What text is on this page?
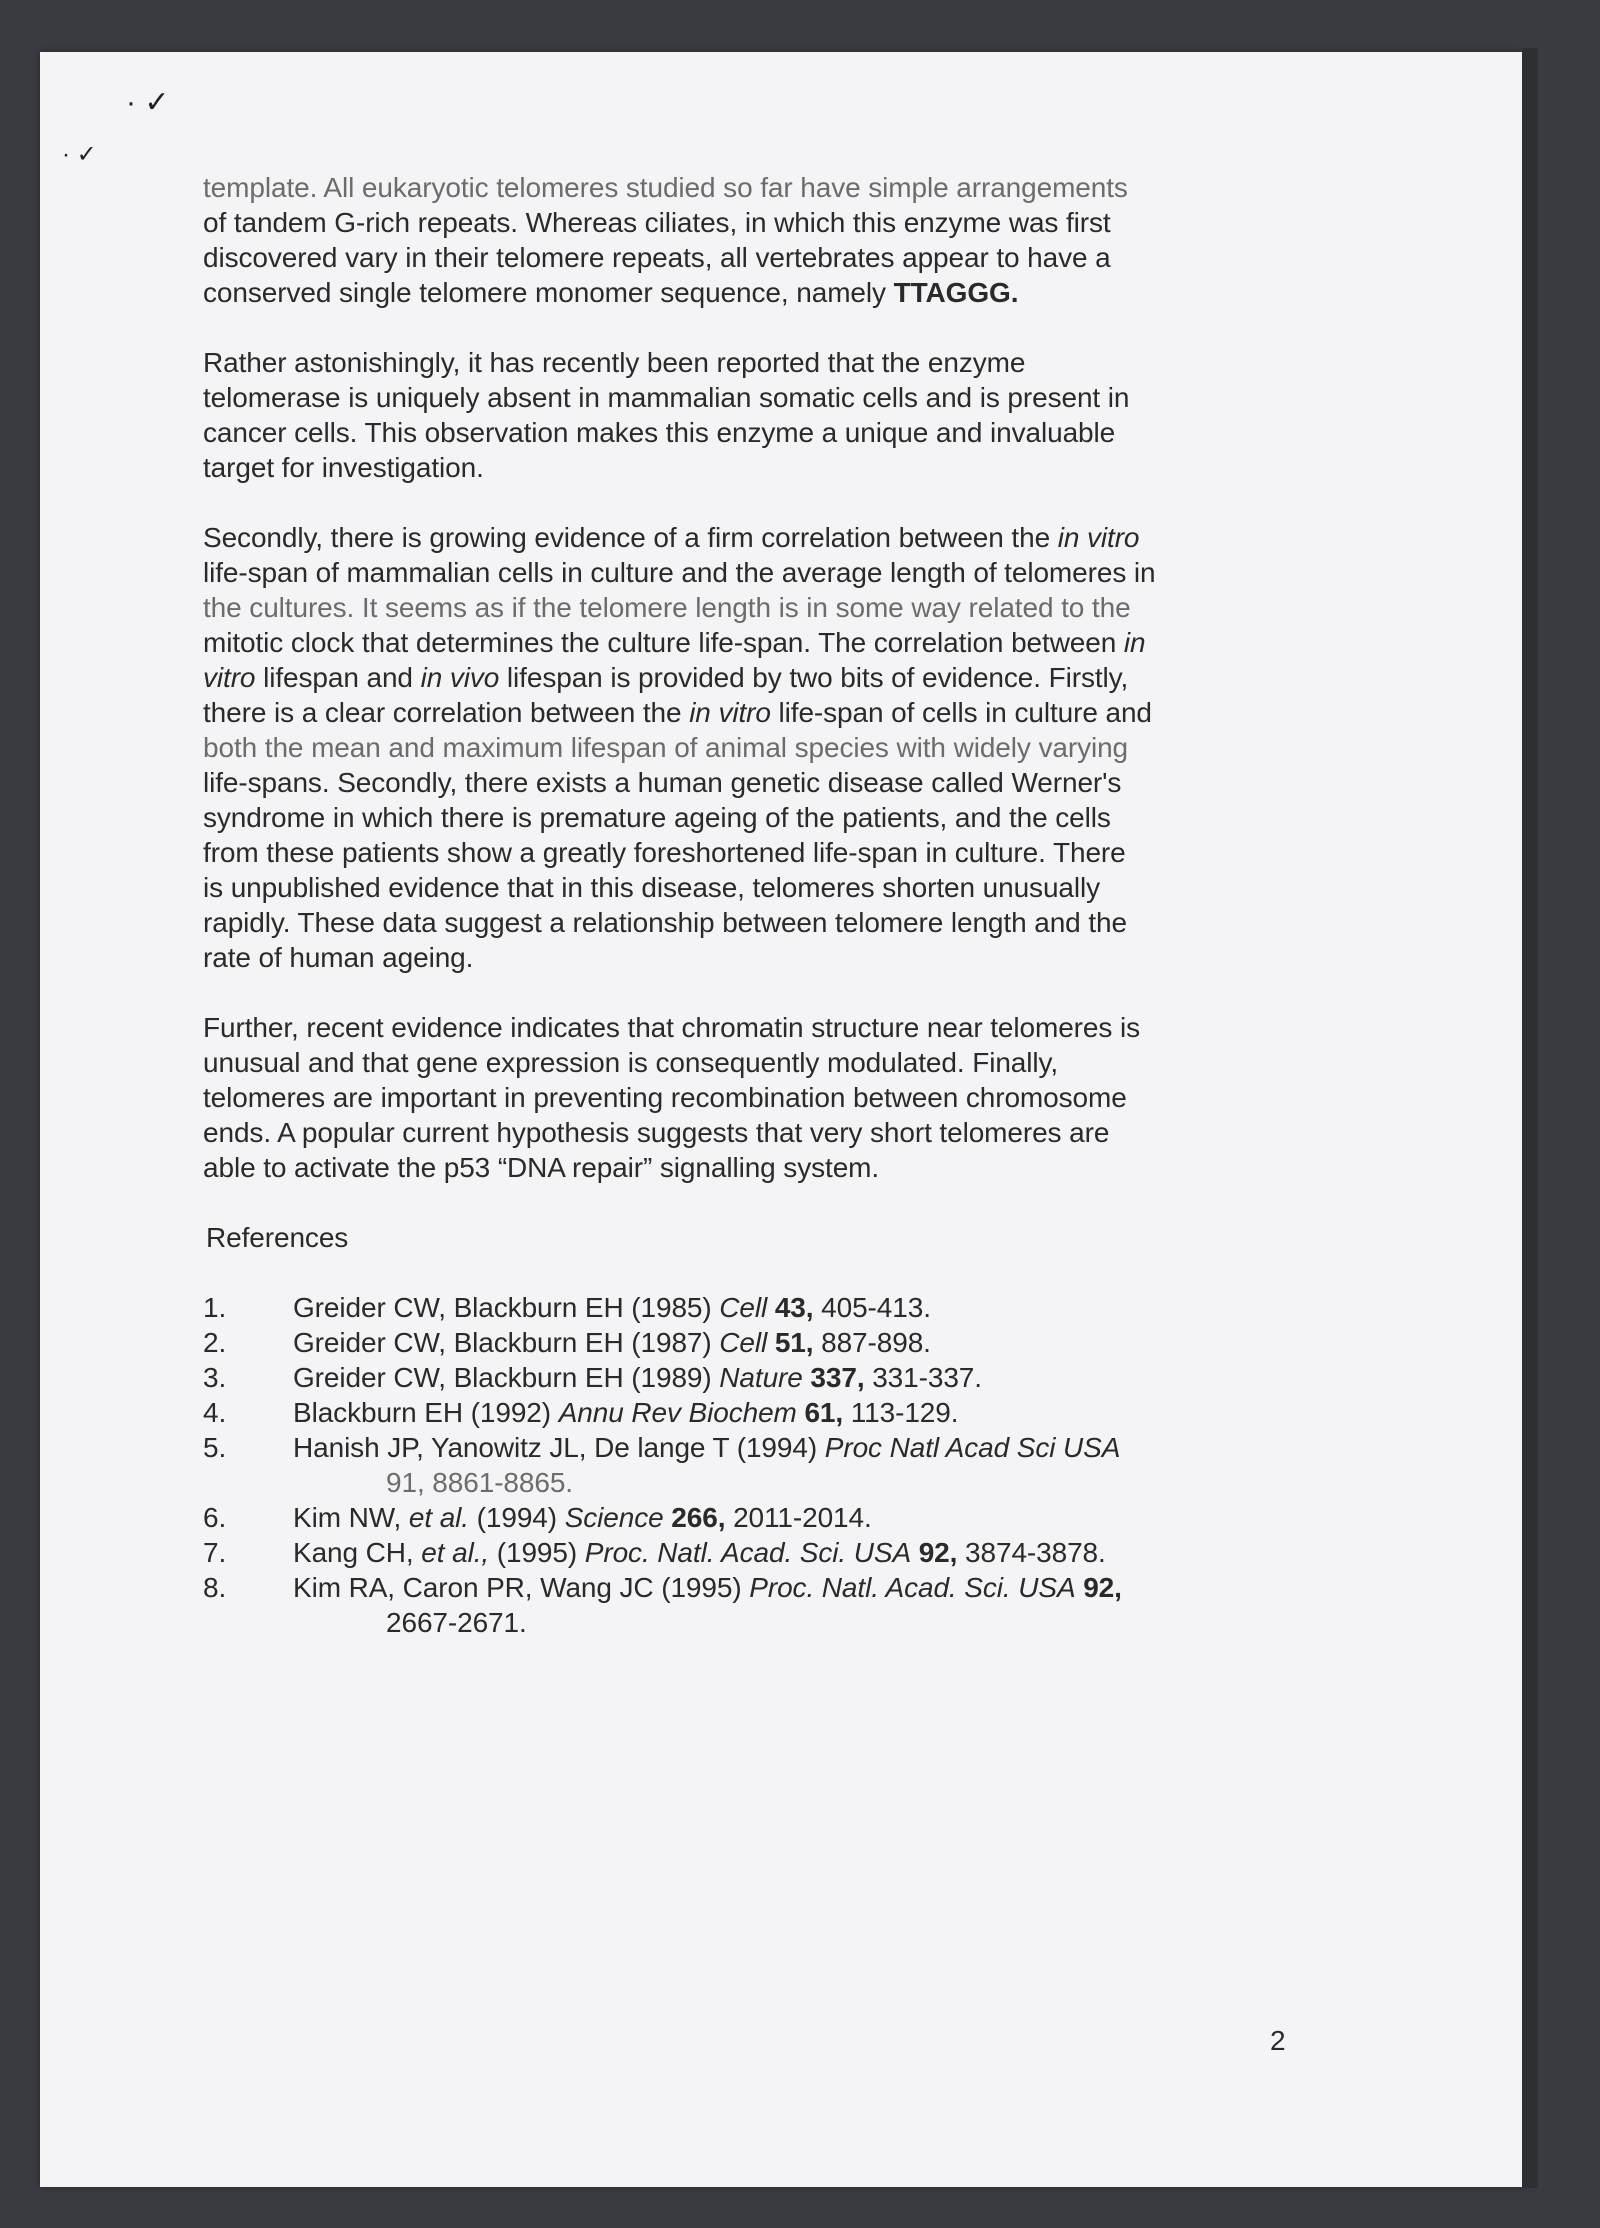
· ✓
· ✓
template. All eukaryotic telomeres studied so far have simple arrangements
of tandem G-rich repeats. Whereas ciliates, in which this enzyme was first
discovered vary in their telomere repeats, all vertebrates appear to have a
conserved single telomere monomer sequence, namely TTAGGG.
Rather astonishingly, it has recently been reported that the enzyme
telomerase is uniquely absent in mammalian somatic cells and is present in
cancer cells. This observation makes this enzyme a unique and invaluable
target for investigation.
Secondly, there is growing evidence of a firm correlation between the in vitro
life-span of mammalian cells in culture and the average length of telomeres in
the cultures. It seems as if the telomere length is in some way related to the
mitotic clock that determines the culture life-span. The correlation between in
vitro lifespan and in vivo lifespan is provided by two bits of evidence. Firstly,
there is a clear correlation between the in vitro life-span of cells in culture and
both the mean and maximum lifespan of animal species with widely varying
life-spans. Secondly, there exists a human genetic disease called Werner's
syndrome in which there is premature ageing of the patients, and the cells
from these patients show a greatly foreshortened life-span in culture. There
is unpublished evidence that in this disease, telomeres shorten unusually
rapidly. These data suggest a relationship between telomere length and the
rate of human ageing.
Further, recent evidence indicates that chromatin structure near telomeres is
unusual and that gene expression is consequently modulated. Finally,
telomeres are important in preventing recombination between chromosome
ends. A popular current hypothesis suggests that very short telomeres are
able to activate the p53 “DNA repair” signalling system.
References
1.	Greider CW, Blackburn EH (1985) Cell 43, 405-413.
2.	Greider CW, Blackburn EH (1987) Cell 51, 887-898.
3.	Greider CW, Blackburn EH (1989) Nature 337, 331-337.
4.	Blackburn EH (1992) Annu Rev Biochem 61, 113-129.
5.	Hanish JP, Yanowitz JL, De lange T (1994) Proc Natl Acad Sci USA
91, 8861-8865.
6.	Kim NW, et al. (1994) Science 266, 2011-2014.
7.	Kang CH, et al., (1995) Proc. Natl. Acad. Sci. USA 92, 3874-3878.
8.	Kim RA, Caron PR, Wang JC (1995) Proc. Natl. Acad. Sci. USA 92,
2667-2671.
2
